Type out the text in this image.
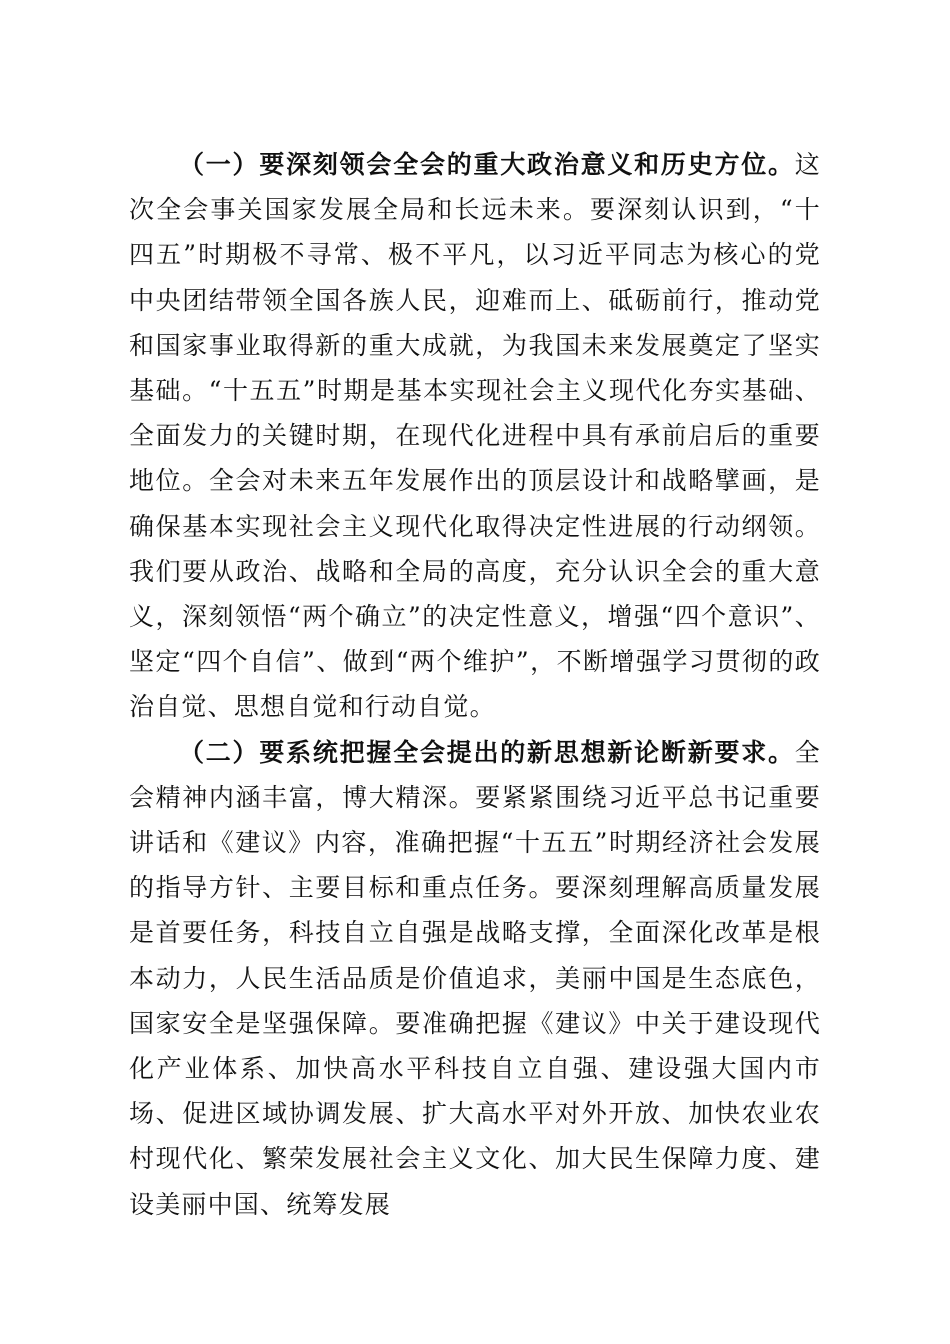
（一）要深刻领会全会的重大政治意义和历史方位。这次全会事关国家发展全局和长远未来。要深刻认识到，“十四五”时期极不寻常、极不平凡，以习近平同志为核心的党中央团结带领全国各族人民，迎难而上、砥砺前行，推动党和国家事业取得新的重大成就，为我国未来发展奠定了坚实基础。“十五五”时期是基本实现社会主义现代化夯实基础、全面发力的关键时期，在现代化进程中具有承前启后的重要地位。全会对未来五年发展作出的顶层设计和战略擘画，是确保基本实现社会主义现代化取得决定性进展的行动纲领。我们要从政治、战略和全局的高度，充分认识全会的重大意义，深刻领悟“两个确立”的决定性意义，增强“四个意识”、坚定“四个自信”、做到“两个维护”，不断增强学习贯彻的政治自觉、思想自觉和行动自觉。

（二）要系统把握全会提出的新思想新论断新要求。全会精神内涵丰富，博大精深。要紧紧围绕习近平总书记重要讲话和《建议》内容，准确把握“十五五”时期经济社会发展的指导方针、主要目标和重点任务。要深刻理解高质量发展是首要任务，科技自立自强是战略支撑，全面深化改革是根本动力，人民生活品质是价值追求，美丽中国是生态底色，国家安全是坚强保障。要准确把握《建议》中关于建设现代化产业体系、加快高水平科技自立自强、建设强大国内市场、促进区域协调发展、扩大高水平对外开放、加快农业农村现代化、繁荣发展社会主义文化、加大民生保障力度、建设美丽中国、统筹发展
